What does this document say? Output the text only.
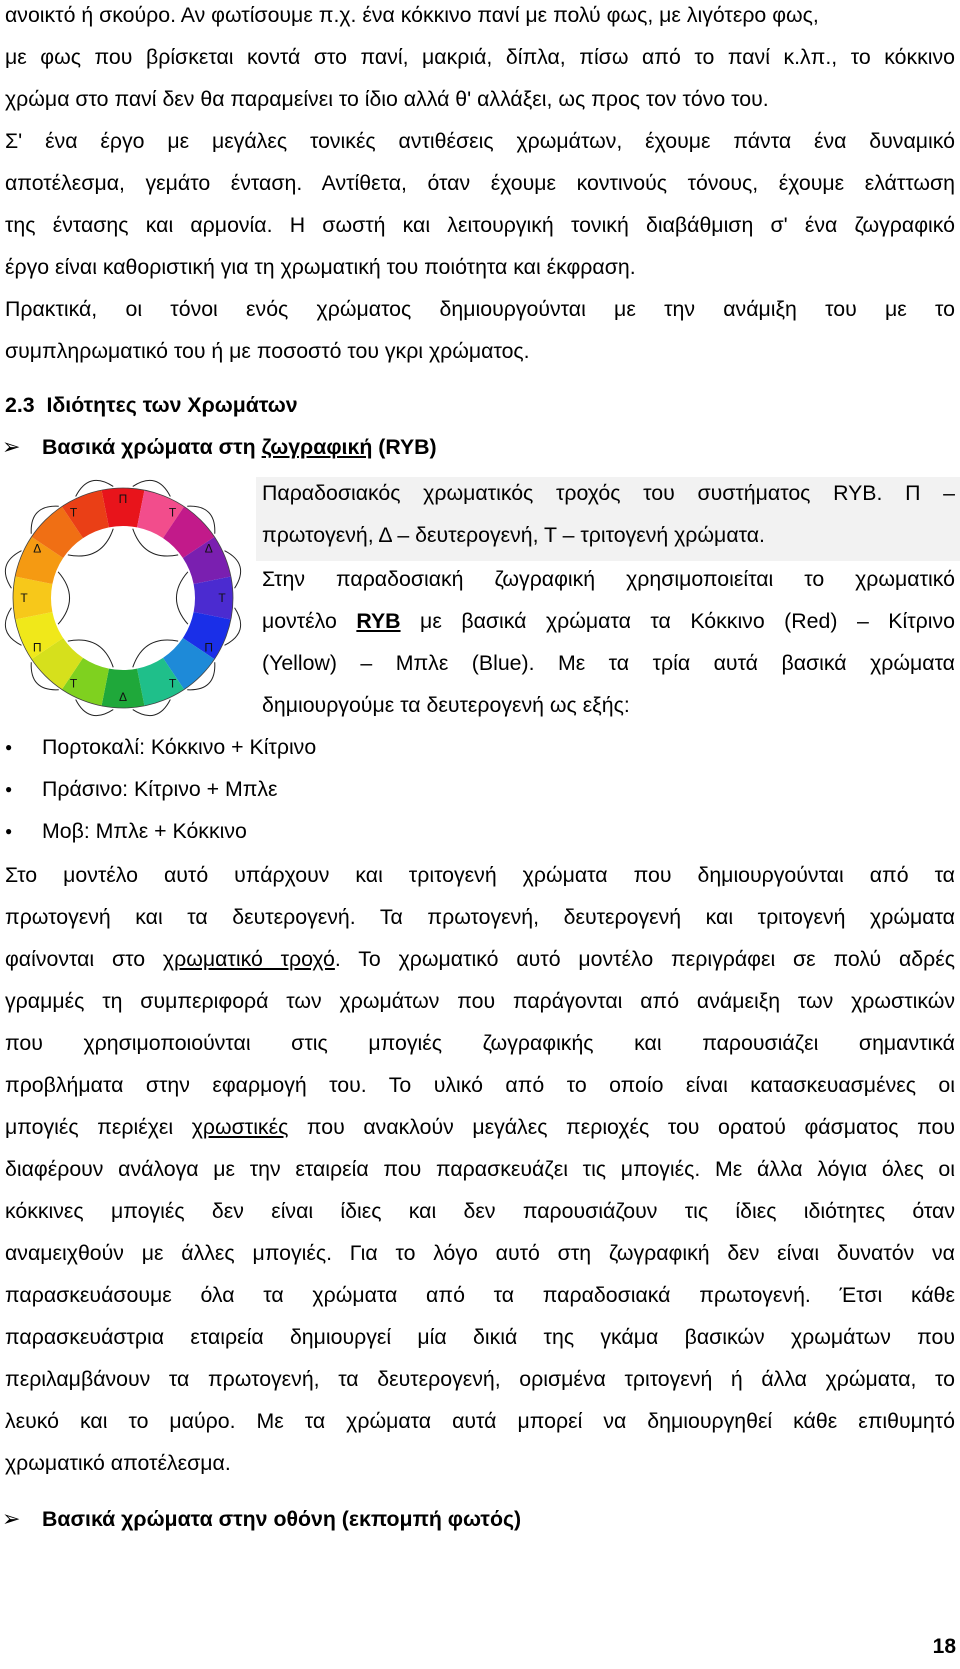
ανοικτό ή σκούρο. Αν φωτίσουμε π.χ. ένα κόκκινο πανί με πολύ φως, με λιγότερο φως,
με φως που βρίσκεται κοντά στο πανί, μακριά, δίπλα, πίσω από το πανί κ.λπ., το κόκκινο
χρώμα στο πανί δεν θα παραμείνει το ίδιο αλλά θ' αλλάξει, ως προς τον τόνο του.
Σ' ένα έργο με μεγάλες τονικές αντιθέσεις χρωμάτων, έχουμε πάντα ένα δυναμικό
αποτέλεσμα, γεμάτο ένταση. Αντίθετα, όταν έχουμε κοντινούς τόνους, έχουμε ελάττωση
της έντασης και αρμονία. Η σωστή και λειτουργική τονική διαβάθμιση σ' ένα ζωγραφικό
έργο είναι καθοριστική για τη χρωματική του ποιότητα και έκφραση.
Πρακτικά, οι τόνοι ενός χρώματος δημιουργούνται με την ανάμιξη του με το
συμπληρωματικό του ή με ποσοστό του γκρι χρώματος.
2.3 Ιδιότητες των Χρωμάτων
➢ Βασικά χρώματα στη ζωγραφική (RYB)
Π
Π
Π
Δ
Δ
Δ
Τ
Τ
Τ
Τ
Τ
Τ
Παραδοσιακός χρωματικός τροχός του συστήματος RYB. Π –
πρωτογενή, Δ – δευτερογενή, Τ – τριτογενή χρώματα.
Στην παραδοσιακή ζωγραφική χρησιμοποιείται το χρωματικό
μοντέλο RYB με βασικά χρώματα τα Κόκκινο (Red) – Κίτρινο
(Yellow) – Μπλε (Blue). Με τα τρία αυτά βασικά χρώματα
δημιουργούμε τα δευτερογενή ως εξής:
● Πορτοκαλί: Κόκκινο + Κίτρινο
● Πράσινο: Κίτρινο + Μπλε
● Μοβ: Μπλε + Κόκκινο
Στο μοντέλο αυτό υπάρχουν και τριτογενή χρώματα που δημιουργούνται από τα
πρωτογενή και τα δευτερογενή. Τα πρωτογενή, δευτερογενή και τριτογενή χρώματα
φαίνονται στο χρωματικό τροχό. Το χρωματικό αυτό μοντέλο περιγράφει σε πολύ αδρές
γραμμές τη συμπεριφορά των χρωμάτων που παράγονται από ανάμειξη των χρωστικών
που χρησιμοποιούνται στις μπογιές ζωγραφικής και παρουσιάζει σημαντικά
προβλήματα στην εφαρμογή του. Το υλικό από το οποίο είναι κατασκευασμένες οι
μπογιές περιέχει χρωστικές που ανακλούν μεγάλες περιοχές του ορατού φάσματος που
διαφέρουν ανάλογα με την εταιρεία που παρασκευάζει τις μπογιές. Με άλλα λόγια όλες οι
κόκκινες μπογιές δεν είναι ίδιες και δεν παρουσιάζουν τις ίδιες ιδιότητες όταν
αναμειχθούν με άλλες μπογιές. Για το λόγο αυτό στη ζωγραφική δεν είναι δυνατόν να
παρασκευάσουμε όλα τα χρώματα από τα παραδοσιακά πρωτογενή. Έτσι κάθε
παρασκευάστρια εταιρεία δημιουργεί μία δικιά της γκάμα βασικών χρωμάτων που
περιλαμβάνουν τα πρωτογενή, τα δευτερογενή, ορισμένα τριτογενή ή άλλα χρώματα, το
λευκό και το μαύρο. Με τα χρώματα αυτά μπορεί να δημιουργηθεί κάθε επιθυμητό
χρωματικό αποτέλεσμα.
➢ Βασικά χρώματα στην οθόνη (εκπομπή φωτός)
18
